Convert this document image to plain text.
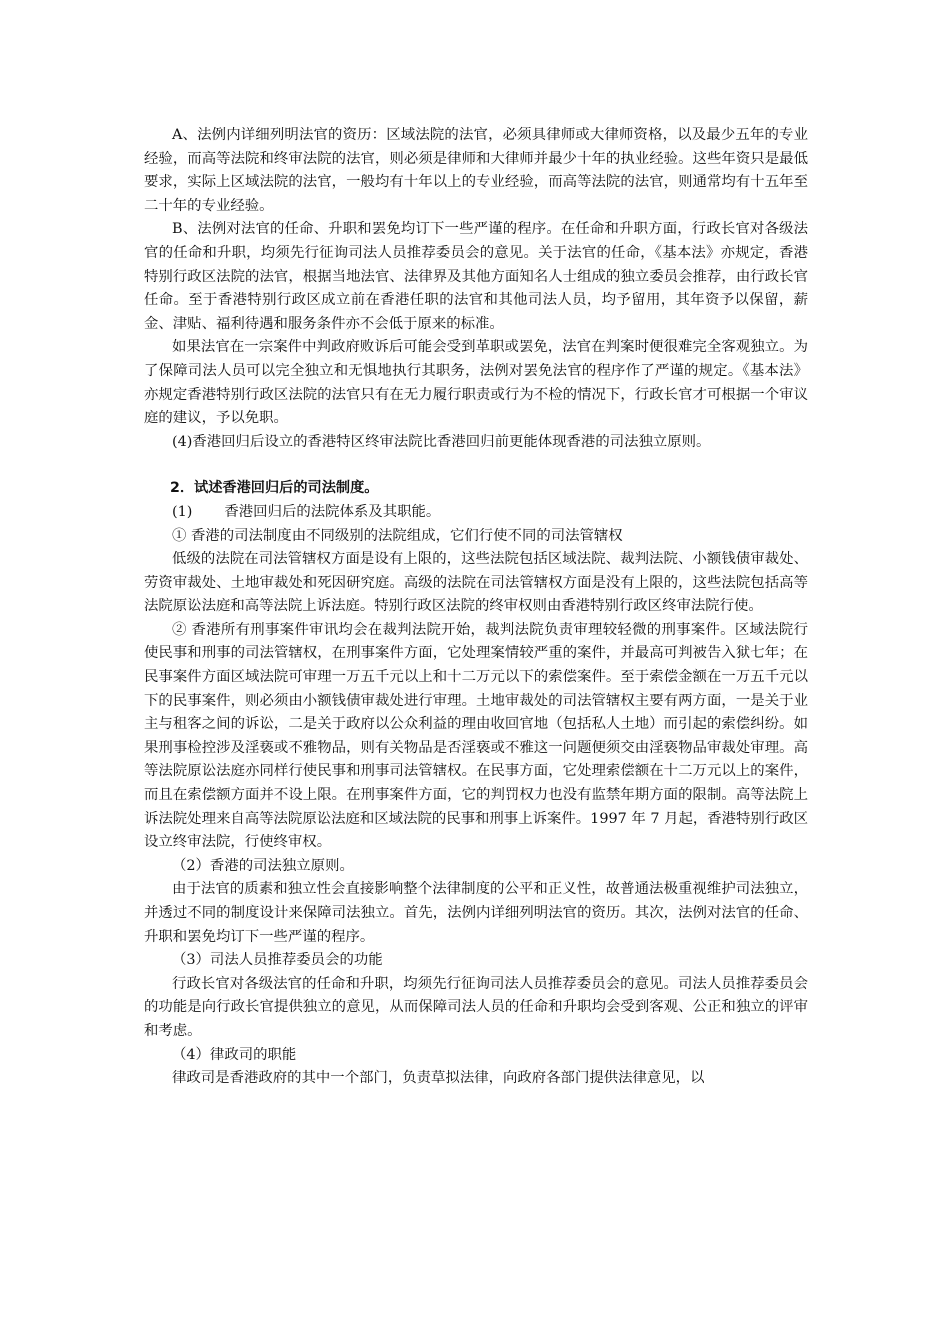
A、法例内详细列明法官的资历：区域法院的法官，必须具律师或大律师资格，以及最少五年的专业经验，而高等法院和终审法院的法官，则必须是律师和大律师并最少十年的执业经验。这些年资只是最低要求，实际上区域法院的法官，一般均有十年以上的专业经验，而高等法院的法官，则通常均有十五年至二十年的专业经验。

B、法例对法官的任命、升职和罢免均订下一些严谨的程序。在任命和升职方面，行政长官对各级法官的任命和升职，均须先行征询司法人员推荐委员会的意见。关于法官的任命，《基本法》亦规定，香港特别行政区法院的法官，根据当地法官、法律界及其他方面知名人士组成的独立委员会推荐，由行政长官任命。至于香港特别行政区成立前在香港任职的法官和其他司法人员，均予留用，其年资予以保留，薪金、津贴、福利待遇和服务条件亦不会低于原来的标准。

如果法官在一宗案件中判政府败诉后可能会受到革职或罢免，法官在判案时便很难完全客观独立。为了保障司法人员可以完全独立和无惧地执行其职务，法例对罢免法官的程序作了严谨的规定。《基本法》亦规定香港特别行政区法院的法官只有在无力履行职责或行为不检的情况下，行政长官才可根据一个审议庭的建议，予以免职。

(4)香港回归后设立的香港特区终审法院比香港回归前更能体现香港的司法独立原则。

2．试述香港回归后的司法制度。

(1)       香港回归后的法院体系及其职能。

① 香港的司法制度由不同级别的法院组成，它们行使不同的司法管辖权

低级的法院在司法管辖权方面是设有上限的，这些法院包括区域法院、裁判法院、小额钱债审裁处、劳资审裁处、土地审裁处和死因研究庭。高级的法院在司法管辖权方面是没有上限的，这些法院包括高等法院原讼法庭和高等法院上诉法庭。特别行政区法院的终审权则由香港特别行政区终审法院行使。

② 香港所有刑事案件审讯均会在裁判法院开始，裁判法院负责审理较轻微的刑事案件。区域法院行使民事和刑事的司法管辖权，在刑事案件方面，它处理案情较严重的案件，并最高可判被告入狱七年；在民事案件方面区域法院可审理一万五千元以上和十二万元以下的索偿案件。至于索偿金额在一万五千元以下的民事案件，则必须由小额钱债审裁处进行审理。土地审裁处的司法管辖权主要有两方面，一是关于业主与租客之间的诉讼，二是关于政府以公众利益的理由收回官地（包括私人土地）而引起的索偿纠纷。如果刑事检控涉及淫亵或不雅物品，则有关物品是否淫亵或不雅这一问题便须交由淫亵物品审裁处审理。高等法院原讼法庭亦同样行使民事和刑事司法管辖权。在民事方面，它处理索偿额在十二万元以上的案件，而且在索偿额方面并不设上限。在刑事案件方面，它的判罚权力也没有监禁年期方面的限制。高等法院上诉法院处理来自高等法院原讼法庭和区域法院的民事和刑事上诉案件。1997 年 7 月起，香港特别行政区设立终审法院，行使终审权。

（2）香港的司法独立原则。

由于法官的质素和独立性会直接影响整个法律制度的公平和正义性，故普通法极重视维护司法独立，并透过不同的制度设计来保障司法独立。首先，法例内详细列明法官的资历。其次，法例对法官的任命、升职和罢免均订下一些严谨的程序。

（3）司法人员推荐委员会的功能

行政长官对各级法官的任命和升职，均须先行征询司法人员推荐委员会的意见。司法人员推荐委员会的功能是向行政长官提供独立的意见，从而保障司法人员的任命和升职均会受到客观、公正和独立的评审和考虑。

（4）律政司的职能

律政司是香港政府的其中一个部门，负责草拟法律，向政府各部门提供法律意见，以
